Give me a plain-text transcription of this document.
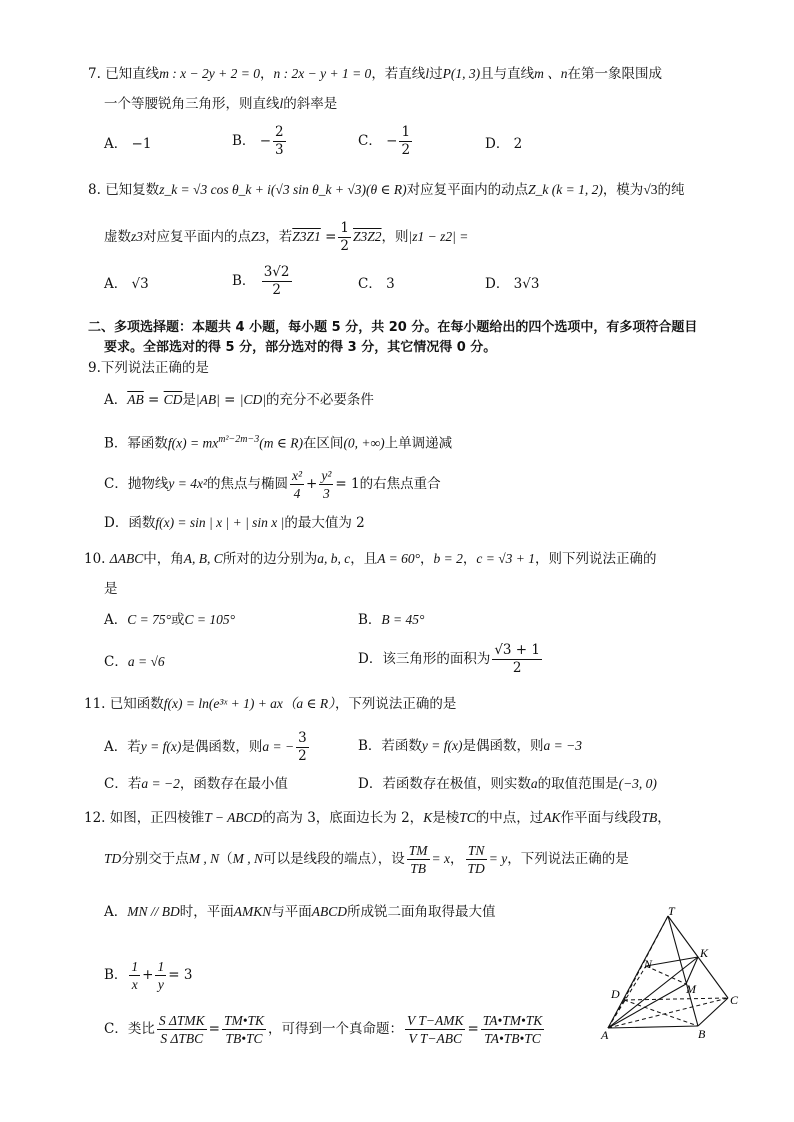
7. 已知直线m : x − 2y + 2 = 0，n : 2x − y + 1 = 0，若直线l过P(1, 3)且与直线m 、n在第一象限围成
一个等腰锐角三角形，则直线l的斜率是
A． −1	B． − $\frac{2}{3}$	C． − $\frac{1}{2}$	D． 2
8. 已知复数z_k = √3 cos θ_k + i(√3 sin θ_k + √3)(θ ∈ R)对应复平面内的动点Z_k (k = 1, 2)，模为√3的纯
虚数z3对应复平面内的点Z3，若$Z3Z1 = \frac{1}{2} Z3Z2$，则|z1 − z2| =
A． √3	B． $\frac{3√2}{2}$	C． 3	D． 3√3
二、多项选择题：本题共 4 小题，每小题 5 分，共 20 分。在每小题给出的四个选项中，有多项符合题目
要求。全部选对的得 5 分，部分选对的得 3 分，其它情况得 0 分。
9.下列说法正确的是
A．$\overline{AB} = \overline{CD}$是|AB| = |CD|的充分不必要条件
B．幂函数$f(x) = mx^{m^2-2m-3}(m$ ∈ R)在区间(0, +∞)上单调递减
C．抛物线y = 4x²的焦点与椭圆 $\frac{\text{x²}}{4} + \frac{\text{y²}}{3} = 1$的右焦点重合
D．函数f(x) = sin | x | + | sin x |的最大值为 2
10. ΔABC中，角A, B, C所对的边分别为a, b, c，且A = 60°，b = 2，c = √3 + 1，则下列说法正确的
是
A．C = 75°或C = 105°	B．B = 45°
C．a = √6	D．该三角形的面积为 $\frac{√3 + 1}{2}$
11. 已知函数f(x) = ln(e³ˣ + 1) + ax（a ∈ R），下列说法正确的是
A．若y = f(x)是偶函数，则a = − $\frac{3}{2}$	B．若函数y = f(x)是偶函数，则a = −3
C．若a = −2，函数存在最小值	D．若函数存在极值，则实数a的取值范围是(−3, 0)
12. 如图，正四棱锥T − ABCD的高为 3，底面边长为 2，K是棱TC的中点，过AK作平面与线段TB，
TD分别交于点M , N（M , N可以是线段的端点），设 $\frac{TM}{TB} = x$， $\frac{TN}{TD} = y$，下列说法正确的是
A．MN // BD时，平面AMKN与平面ABCD所成锐二面角取得最大值
B． $\frac{1}{x} + \frac{1}{y} = 3$
C．类比 $\frac{\text{S ΔTMK}}{\text{S ΔTBC}} = \frac{TM•TK}{TB•TC}$ ，可得到一个真命题： $\frac{\text{V T−AMK}}{\text{V T−ABC}} = \frac{TA•TM•TK}{TA•TB•TC}$
T
K
N
D	M
C
A	B
